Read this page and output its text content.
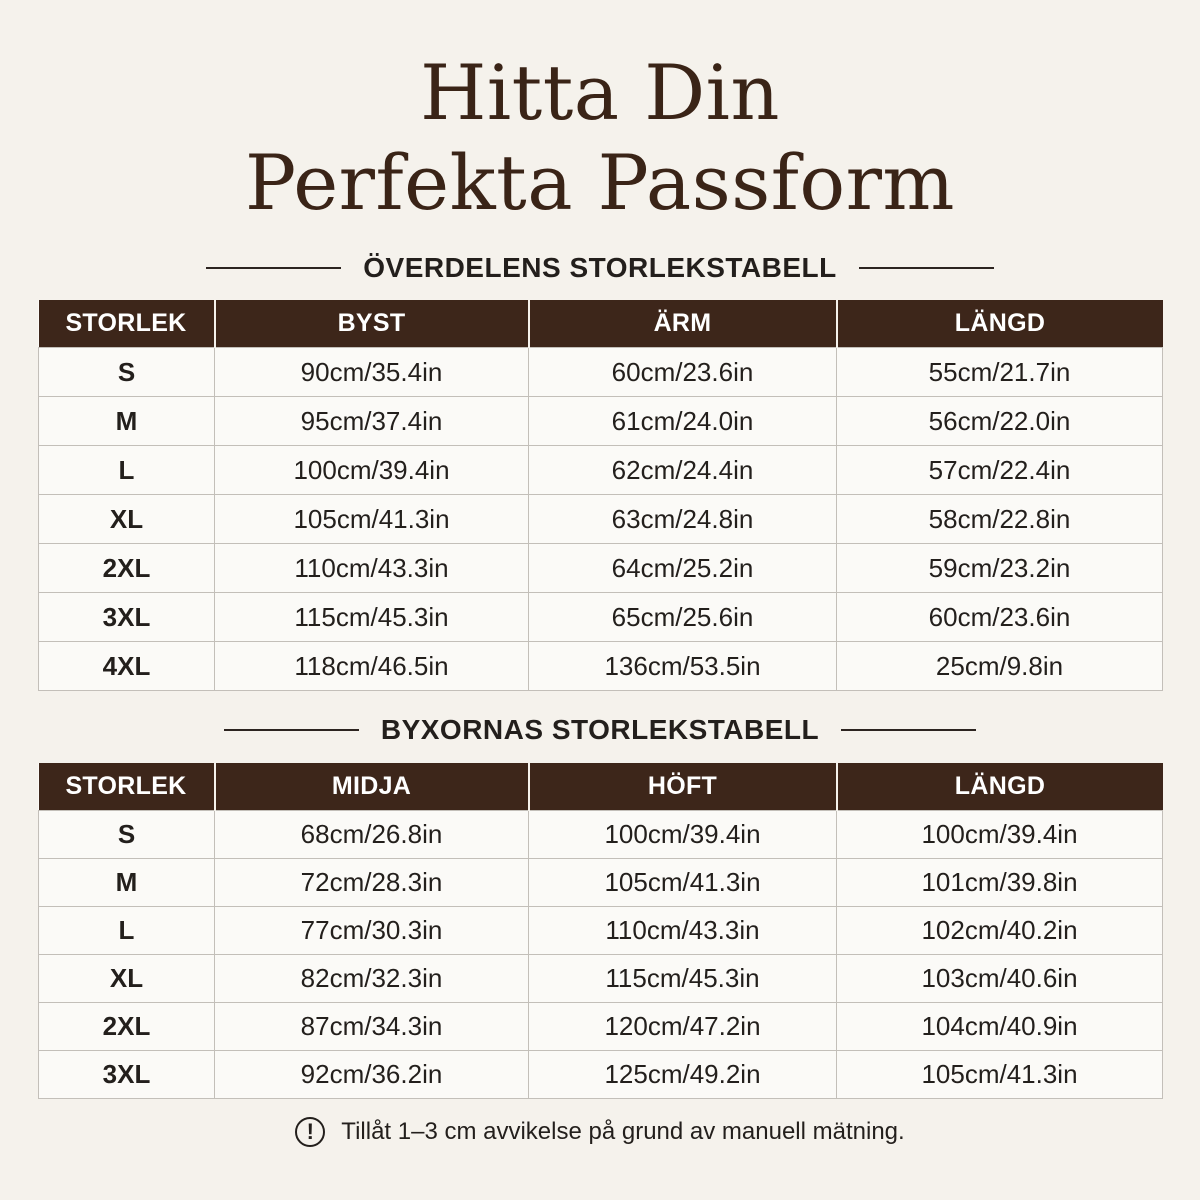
Hitta Din
Perfekta Passform
ÖVERDELENS STORLEKSTABELL
STORLEK	BYST	ÄRM	LÄNGD
S	90cm/35.4in	60cm/23.6in	55cm/21.7in
M	95cm/37.4in	61cm/24.0in	56cm/22.0in
L	100cm/39.4in	62cm/24.4in	57cm/22.4in
XL	105cm/41.3in	63cm/24.8in	58cm/22.8in
2XL	110cm/43.3in	64cm/25.2in	59cm/23.2in
3XL	115cm/45.3in	65cm/25.6in	60cm/23.6in
4XL	118cm/46.5in	136cm/53.5in	25cm/9.8in
BYXORNAS STORLEKSTABELL
STORLEK	MIDJA	HÖFT	LÄNGD
S	68cm/26.8in	100cm/39.4in	100cm/39.4in
M	72cm/28.3in	105cm/41.3in	101cm/39.8in
L	77cm/30.3in	110cm/43.3in	102cm/40.2in
XL	82cm/32.3in	115cm/45.3in	103cm/40.6in
2XL	87cm/34.3in	120cm/47.2in	104cm/40.9in
3XL	92cm/36.2in	125cm/49.2in	105cm/41.3in
!	Tillåt 1–3 cm avvikelse på grund av manuell mätning.
